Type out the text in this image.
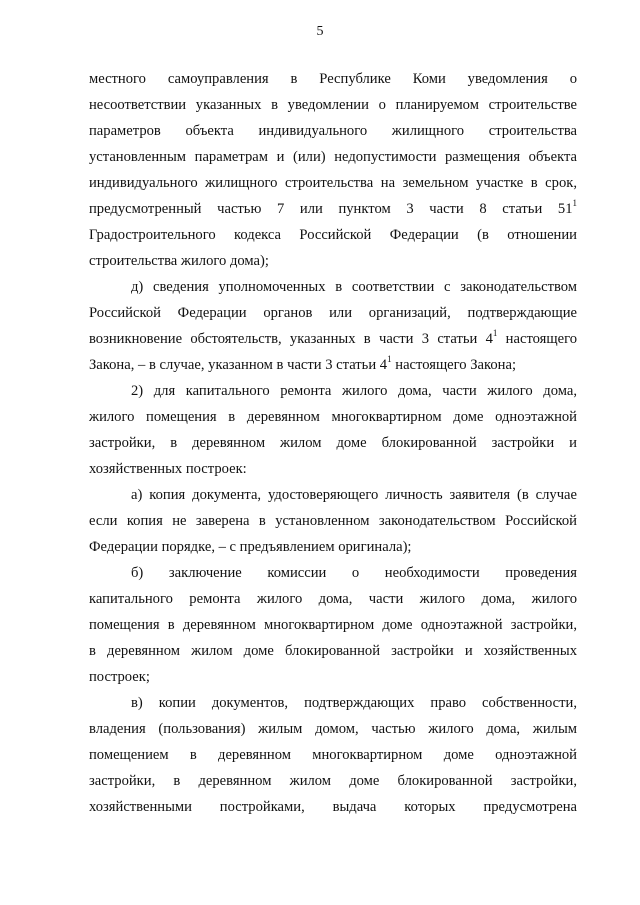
5
местного самоуправления в Республике Коми уведомления о
несоответствии указанных в уведомлении о планируемом строительстве
параметров объекта индивидуального жилищного строительства
установленным параметрам и (или) недопустимости размещения объекта
индивидуального жилищного строительства на земельном участке в срок,
предусмотренный частью 7 или пунктом 3 части 8 статьи $51^1$
Градостроительного кодекса Российской Федерации (в отношении
строительства жилого дома);
д) сведения уполномоченных в соответствии с законодательством
Российской Федерации органов или организаций, подтверждающие
возникновение обстоятельств, указанных в части 3 статьи $4^1$ настоящего
Закона, – в случае, указанном в части 3 статьи $4^1$ настоящего Закона;
2) для капитального ремонта жилого дома, части жилого дома,
жилого помещения в деревянном многоквартирном доме одноэтажной
застройки, в деревянном жилом доме блокированной застройки и
хозяйственных построек:
а) копия документа, удостоверяющего личность заявителя (в случае
если копия не заверена в установленном законодательством Российской
Федерации порядке, – с предъявлением оригинала);
б) заключение комиссии о необходимости проведения
капитального ремонта жилого дома, части жилого дома, жилого
помещения в деревянном многоквартирном доме одноэтажной застройки,
в деревянном жилом доме блокированной застройки и хозяйственных
построек;
в) копии документов, подтверждающих право собственности,
владения (пользования) жилым домом, частью жилого дома, жилым
помещением в деревянном многоквартирном доме одноэтажной
застройки, в деревянном жилом доме блокированной застройки,
хозяйственными постройками, выдача которых предусмотрена
